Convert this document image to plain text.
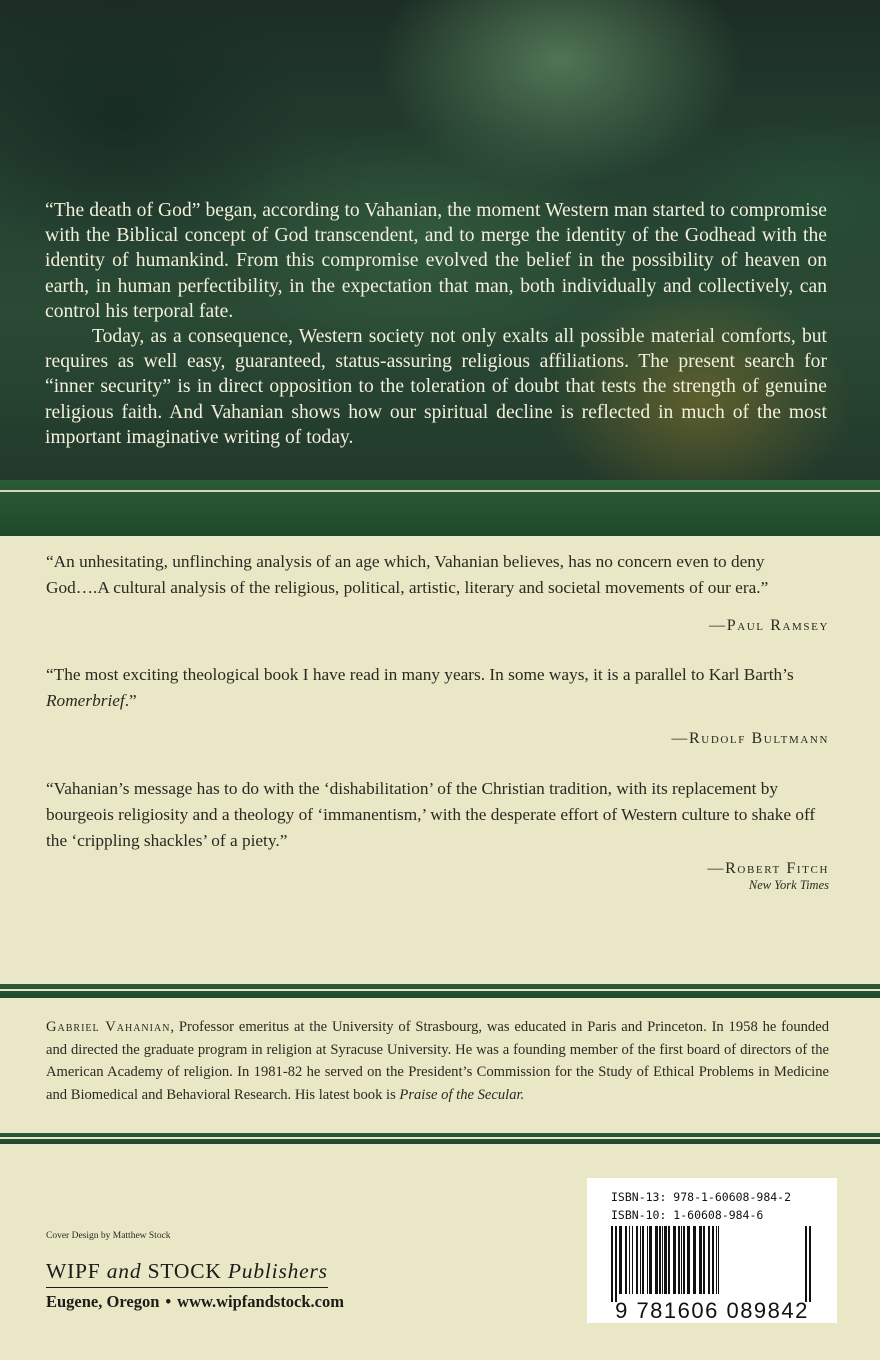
“The death of God” began, according to Vahanian, the moment Western man started to compromise with the Biblical concept of God transcendent, and to merge the identity of the Godhead with the identity of humankind. From this compromise evolved the belief in the possibility of heaven on earth, in human perfectibility, in the expectation that man, both individually and collectively, can control his terporal fate.

Today, as a consequence, Western society not only exalts all possible material comforts, but requires as well easy, guaranteed, status-assuring religious affiliations. The present search for “inner security” is in direct opposition to the toleration of doubt that tests the strength of genuine religious faith. And Vahanian shows how our spiritual decline is reflected in much of the most important imaginative writing of today.

“An unhesitating, unflinching analysis of an age which, Vahanian believes, has no concern even to deny God….A cultural analysis of the religious, political, artistic, literary and societal movements of our era.”

—Paul Ramsey

“The most exciting theological book I have read in many years. In some ways, it is a parallel to Karl Barth’s Romerbrief.”

—Rudolf Bultmann

“Vahanian’s message has to do with the ‘dishabilitation’ of the Christian tradition, with its replacement by bourgeois religiosity and a theology of ‘immanentism,’ with the desperate effort of Western culture to shake off the ‘crippling shackles’ of a piety.”

—Robert Fitch

New York Times

Gabriel Vahanian, Professor emeritus at the University of Strasbourg, was educated in Paris and Princeton. In 1958 he founded and directed the graduate program in religion at Syracuse University. He was a founding member of the first board of directors of the American Academy of religion. In 1981-82 he served on the President’s Commission for the Study of Ethical Problems in Medicine and Biomedical and Behavioral Research. His latest book is Praise of the Secular.

Cover Design by Matthew Stock
WIPF and STOCK Publishers
Eugene, Oregon • www.wipfandstock.com
ISBN-13: 978-1-60608-984-2
ISBN-10: 1-60608-984-6
9 781606 089842
